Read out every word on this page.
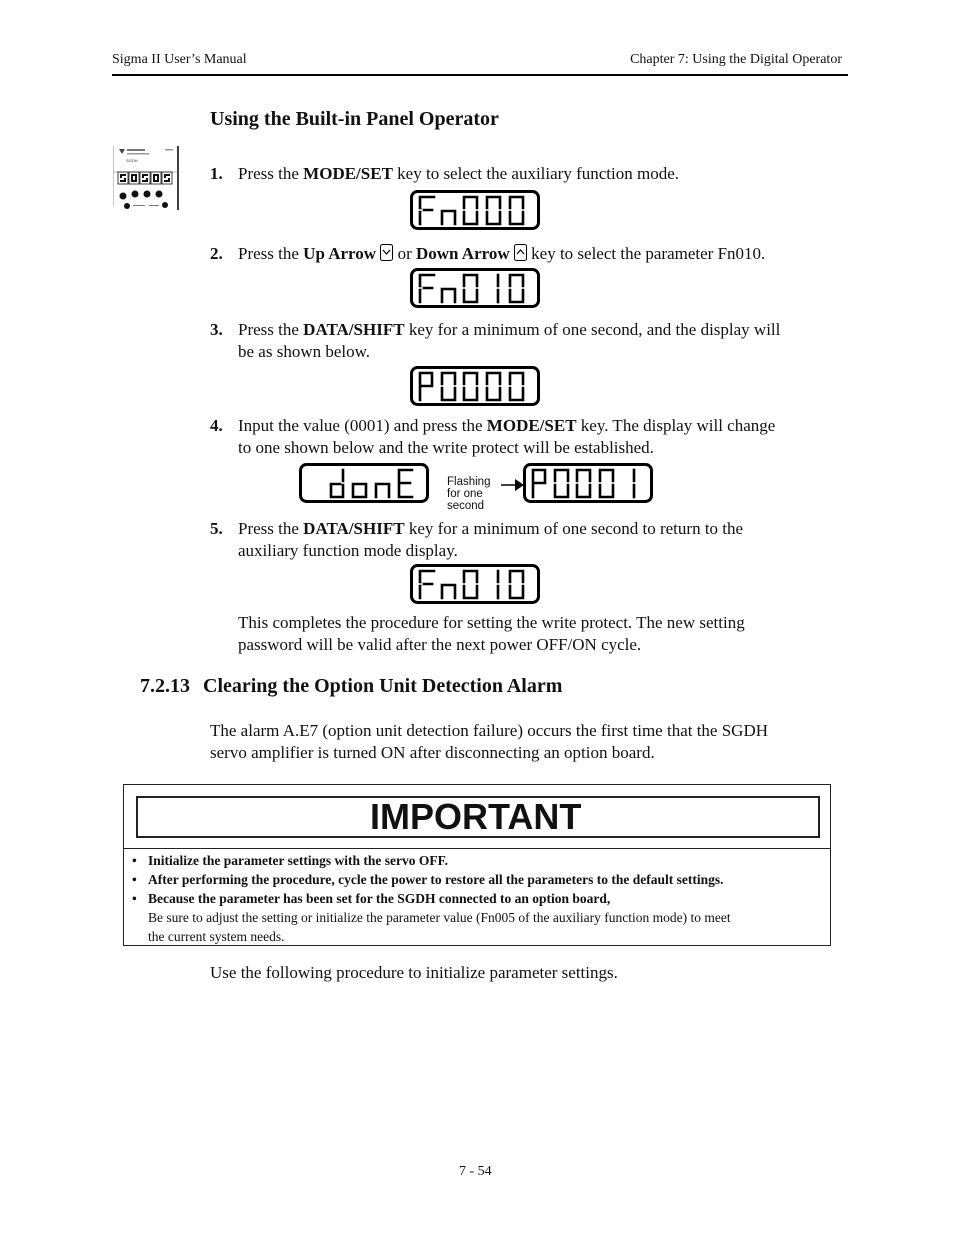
Sigma II User’s Manual	Chapter 7: Using the Digital Operator
Using the Built-in Panel Operator
SGDH
1. Press the MODE/SET key to select the auxiliary function mode.
2. Press the Up Arrow  or Down Arrow  key to select the parameter Fn010.
3. Press the DATA/SHIFT key for a minimum of one second, and the display will
be as shown below.
4. Input the value (0001) and press the MODE/SET key. The display will change
to one shown below and the write protect will be established.
Flashing
for one
second
5. Press the DATA/SHIFT key for a minimum of one second to return to the
auxiliary function mode display.
This completes the procedure for setting the write protect. The new setting
password will be valid after the next power OFF/ON cycle.
7.2.13 Clearing the Option Unit Detection Alarm
The alarm A.E7 (option unit detection failure) occurs the first time that the SGDH
servo amplifier is turned ON after disconnecting an option board.
IMPORTANT
• Initialize the parameter settings with the servo OFF.
• After performing the procedure, cycle the power to restore all the parameters to the default settings.
• Because the parameter has been set for the SGDH connected to an option board,
Be sure to adjust the setting or initialize the parameter value (Fn005 of the auxiliary function mode) to meet
the current system needs.
Use the following procedure to initialize parameter settings.
7 - 54
